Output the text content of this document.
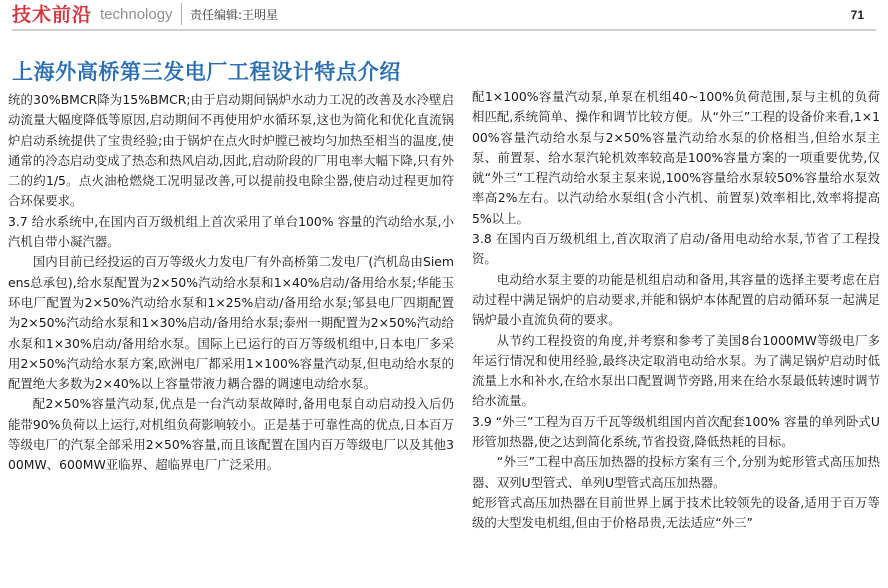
技术前沿 technology 责任编辑:王明星	71
上海外高桥第三发电厂工程设计特点介绍

统的30%BMCR降为15%BMCR;由于启动期间锅炉水动力工况的改善及水冷壁启动流量大幅度降低等原因,启动期间不再使用炉水循环泵,这也为简化和优化直流锅炉启动系统提供了宝贵经验;由于锅炉在点火时炉膛已被均匀加热至相当的温度,使通常的冷态启动变成了热态和热风启动,因此,启动阶段的厂用电率大幅下降,只有外二的约1/5。点火油枪燃烧工况明显改善,可以提前投电除尘器,使启动过程更加符合环保要求。

3.7 给水系统中,在国内百万级机组上首次采用了单台100% 容量的汽动给水泵,小汽机自带小凝汽器。

国内目前已经投运的百万等级火力发电厂有外高桥第二发电厂(汽机岛由Siemens总承包),给水泵配置为2×50%汽动给水泵和1×40%启动/备用给水泵;华能玉环电厂配置为2×50%汽动给水泵和1×25%启动/备用给水泵;邹县电厂四期配置为2×50%汽动给水泵和1×30%启动/备用给水泵;泰州一期配置为2×50%汽动给水泵和1×30%启动/备用给水泵。国际上已运行的百万等级机组中,日本电厂多采用2×50%汽动给水泵方案,欧洲电厂都采用1×100%容量汽动泵,但电动给水泵的配置绝大多数为2×40%以上容量带液力耦合器的调速电动给水泵。

配2×50%容量汽动泵,优点是一台汽动泵故障时,备用电泵自动启动投入后仍能带90%负荷以上运行,对机组负荷影响较小。正是基于可靠性高的优点,日本百万等级电厂的汽泵全部采用2×50%容量,而且该配置在国内百万等级电厂以及其他300MW、600MW亚临界、超临界电厂广泛采用。

配1×100%容量汽动泵,单泵在机组40~100%负荷范围,泵与主机的负荷相匹配,系统简单、操作和调节比较方便。从“外三”工程的设备价来看,1×100%容量汽动给水泵与2×50%容量汽动给水泵的价格相当,但给水泵主泵、前置泵、给水泵汽轮机效率较高是100%容量方案的一项重要优势,仅就“外三”工程汽动给水泵主泵来说,100%容量给水泵较50%容量给水泵效率高2%左右。以汽动给水泵组(含小汽机、前置泵)效率相比,效率将提高5%以上。

3.8 在国内百万级机组上,首次取消了启动/备用电动给水泵,节省了工程投资。

电动给水泵主要的功能是机组启动和备用,其容量的选择主要考虑在启动过程中满足锅炉的启动要求,并能和锅炉本体配置的启动循环泵一起满足锅炉最小直流负荷的要求。

从节约工程投资的角度,并考察和参考了美国8台1000MW等级电厂多年运行情况和使用经验,最终决定取消电动给水泵。为了满足锅炉启动时低流量上水和补水,在给水泵出口配置调节旁路,用来在给水泵最低转速时调节给水流量。

3.9 “外三”工程为百万千瓦等级机组国内首次配套100% 容量的单列卧式U形管加热器,使之达到简化系统,节省投资,降低热耗的目标。

“外三”工程中高压加热器的投标方案有三个,分别为蛇形管式高压加热器、双列U型管式、单列U型管式高压加热器。

蛇形管式高压加热器在目前世界上属于技术比较领先的设备,适用于百万等级的大型发电机组,但由于价格昂贵,无法适应“外三”
